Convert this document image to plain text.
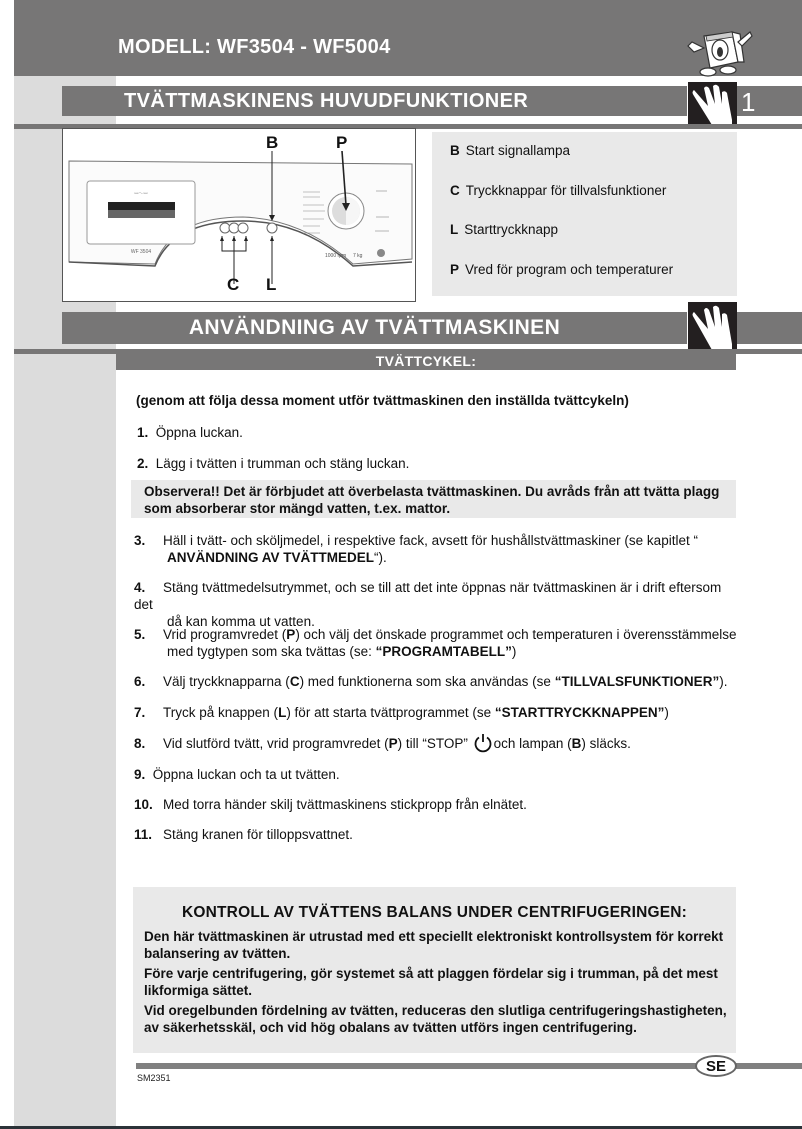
MODELL: WF3504 - WF5004
TVÄTTMASKINENS HUVUDFUNKTIONER	1
ꟷ〜ꟷ
WF 3504
1000 rpm 7 kg
B	P
C L
B Start signallampa
C Tryckknappar för tillvalsfunktioner
L Starttryckknapp
P Vred för program och temperaturer
ANVÄNDNING AV TVÄTTMASKINEN
TVÄTTCYKEL:
(genom att följa dessa moment utför tvättmaskinen den inställda tvättcykeln)
1. Öppna luckan.
2. Lägg i tvätten i trumman och stäng luckan.
Observera!! Det är förbjudet att överbelasta tvättmaskinen. Du avråds från att tvätta plagg
som absorberar stor mängd vatten, t.ex. mattor.
3. Häll i tvätt- och sköljmedel, i respektive fack, avsett för hushållstvättmaskiner (se kapitlet “
ANVÄNDNING AV TVÄTTMEDEL“).
4. Stäng tvättmedelsutrymmet, och se till att det inte öppnas när tvättmaskinen är i drift eftersom det
då kan komma ut vatten.
5. Vrid programvredet (P) och välj det önskade programmet och temperaturen i överensstämmelse
med tygtypen som ska tvättas (se: “PROGRAMTABELL”)
6. Välj tryckknapparna (C) med funktionerna som ska användas (se “TILLVALSFUNKTIONER”).
7. Tryck på knappen (L) för att starta tvättprogrammet (se “STARTTRYCKKNAPPEN”)
8. Vid slutförd tvätt, vrid programvredet (P) till “STOP” och lampan (B) släcks.
9. Öppna luckan och ta ut tvätten.
10. Med torra händer skilj tvättmaskinens stickpropp från elnätet.
11. Stäng kranen för tilloppsvattnet.
KONTROLL AV TVÄTTENS BALANS UNDER CENTRIFUGERINGEN:
Den här tvättmaskinen är utrustad med ett speciellt elektroniskt kontrollsystem för korrekt
balansering av tvätten.
Före varje centrifugering, gör systemet så att plaggen fördelar sig i trumman, på det mest
likformiga sättet.
Vid oregelbunden fördelning av tvätten, reduceras den slutliga centrifugeringshastigheten,
av säkerhetsskäl, och vid hög obalans av tvätten utförs ingen centrifugering.
SE
SM2351
